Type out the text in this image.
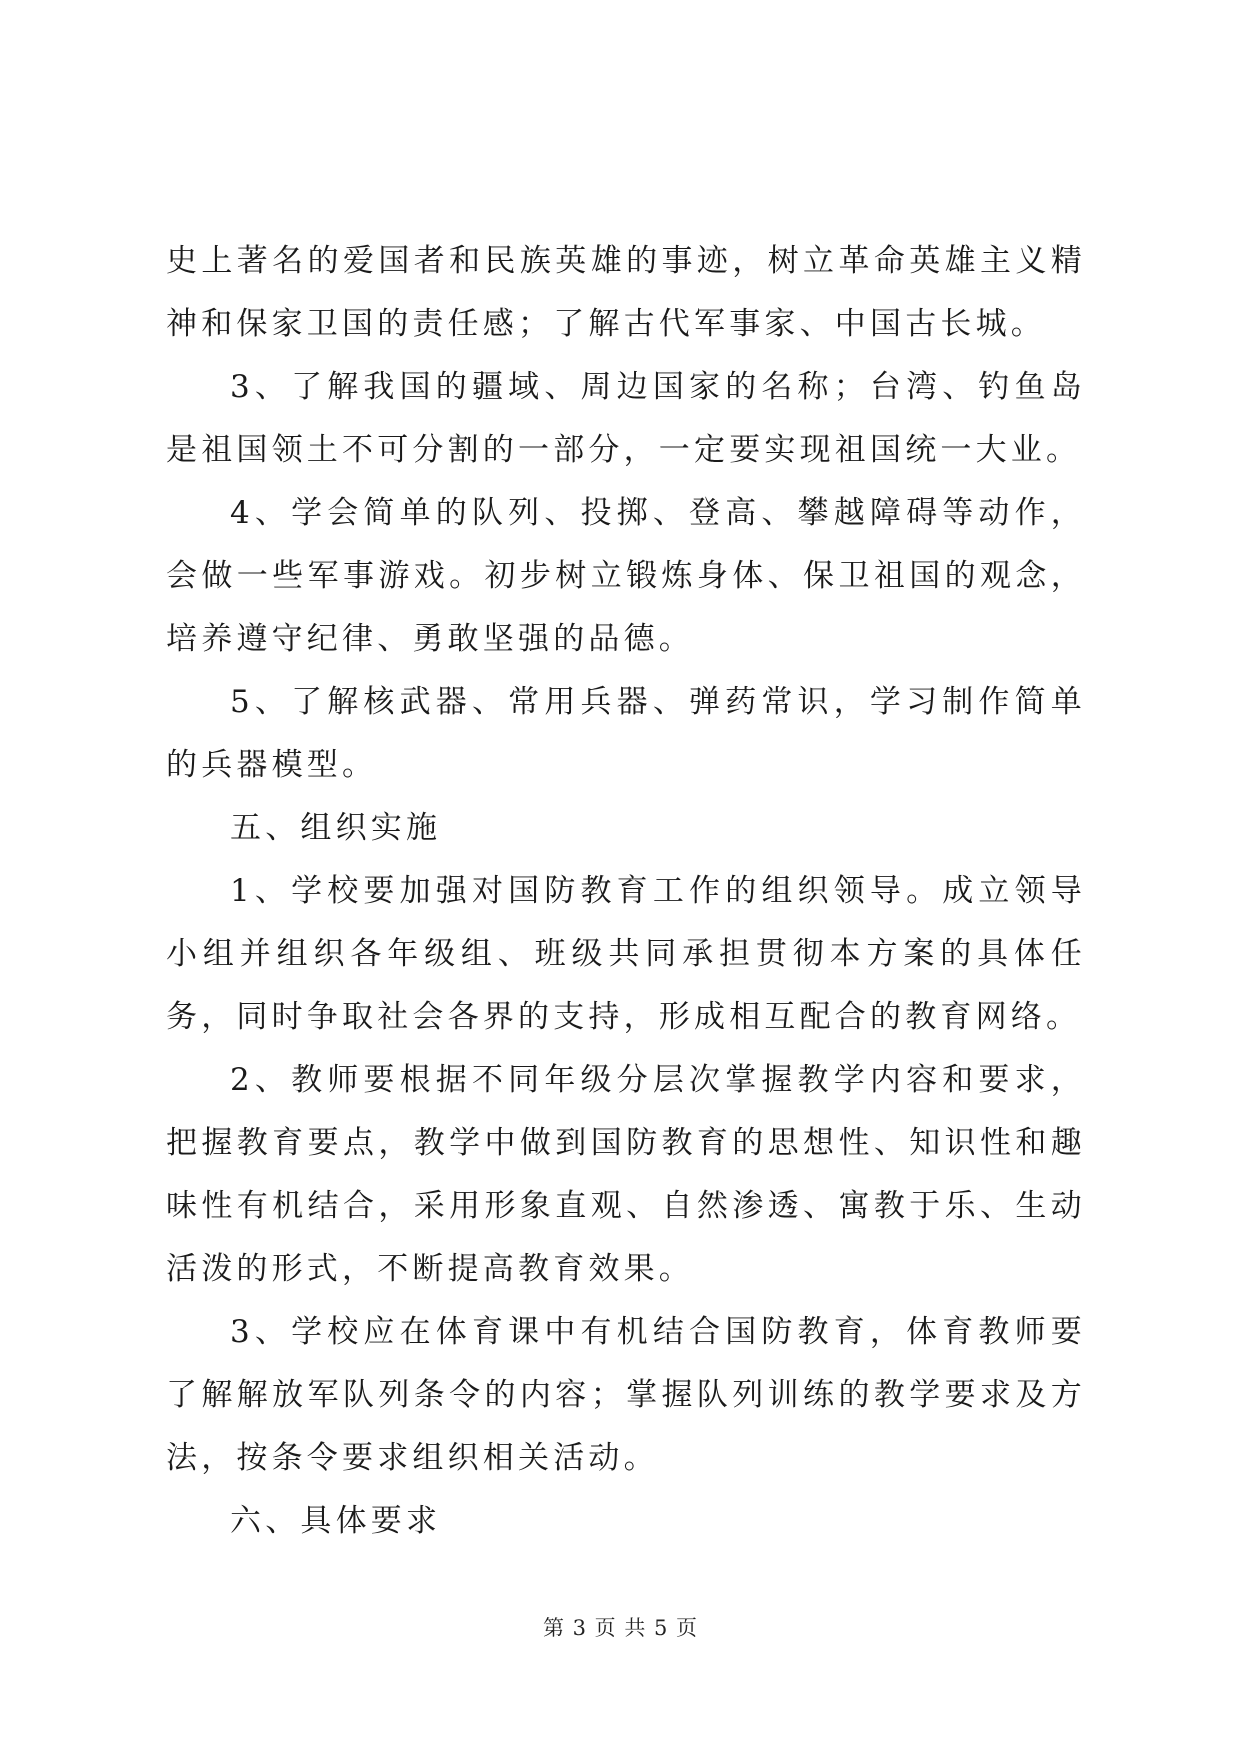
史上著名的爱国者和民族英雄的事迹，树立革命英雄主义精神和保家卫国的责任感；了解古代军事家、中国古长城。

3、了解我国的疆域、周边国家的名称；台湾、钓鱼岛是祖国领土不可分割的一部分，一定要实现祖国统一大业。

4、学会简单的队列、投掷、登高、攀越障碍等动作，会做一些军事游戏。初步树立锻炼身体、保卫祖国的观念，培养遵守纪律、勇敢坚强的品德。

5、了解核武器、常用兵器、弹药常识，学习制作简单的兵器模型。

五、组织实施

1、学校要加强对国防教育工作的组织领导。成立领导小组并组织各年级组、班级共同承担贯彻本方案的具体任务，同时争取社会各界的支持，形成相互配合的教育网络。

2、教师要根据不同年级分层次掌握教学内容和要求，把握教育要点，教学中做到国防教育的思想性、知识性和趣味性有机结合，采用形象直观、自然渗透、寓教于乐、生动活泼的形式，不断提高教育效果。

3、学校应在体育课中有机结合国防教育，体育教师要了解解放军队列条令的内容；掌握队列训练的教学要求及方法，按条令要求组织相关活动。

六、具体要求

第 3 页 共 5 页
